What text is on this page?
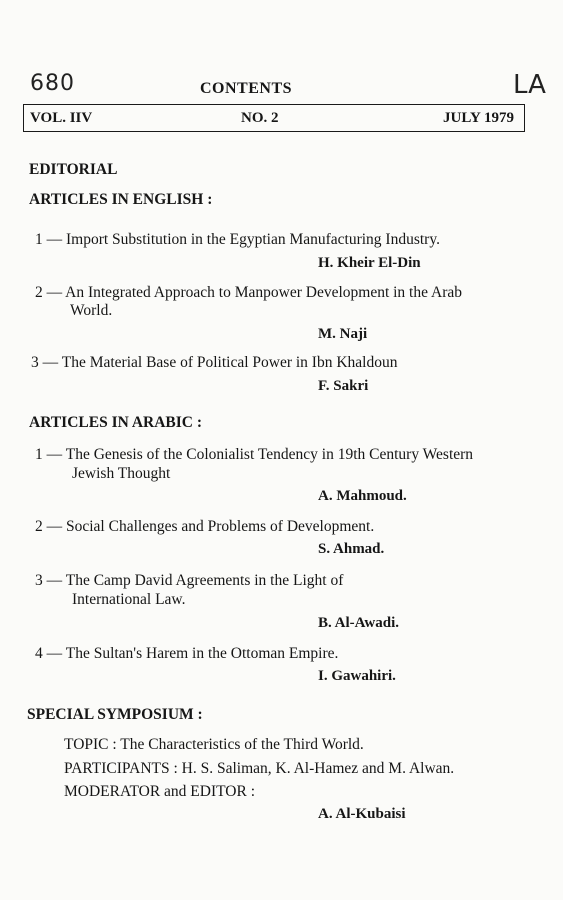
680	LA
CONTENTS
VOL. IIV	NO. 2	JULY 1979
EDITORIAL
ARTICLES IN ENGLISH :
1 — Import Substitution in the Egyptian Manufacturing Industry.
H. Kheir El-Din
2 — An Integrated Approach to Manpower Development in the Arab
World.
M. Naji
3 — The Material Base of Political Power in Ibn Khaldoun
F. Sakri
ARTICLES IN ARABIC :
1 — The Genesis of the Colonialist Tendency in 19th Century Western
Jewish Thought
A. Mahmoud.
2 — Social Challenges and Problems of Development.
S. Ahmad.
3 — The Camp David Agreements in the Light of
International Law.
B. Al-Awadi.
4 — The Sultan's Harem in the Ottoman Empire.
I. Gawahiri.
SPECIAL SYMPOSIUM :
TOPIC : The Characteristics of the Third World.
PARTICIPANTS : H. S. Saliman, K. Al-Hamez and M. Alwan.
MODERATOR and EDITOR :
A. Al-Kubaisi
